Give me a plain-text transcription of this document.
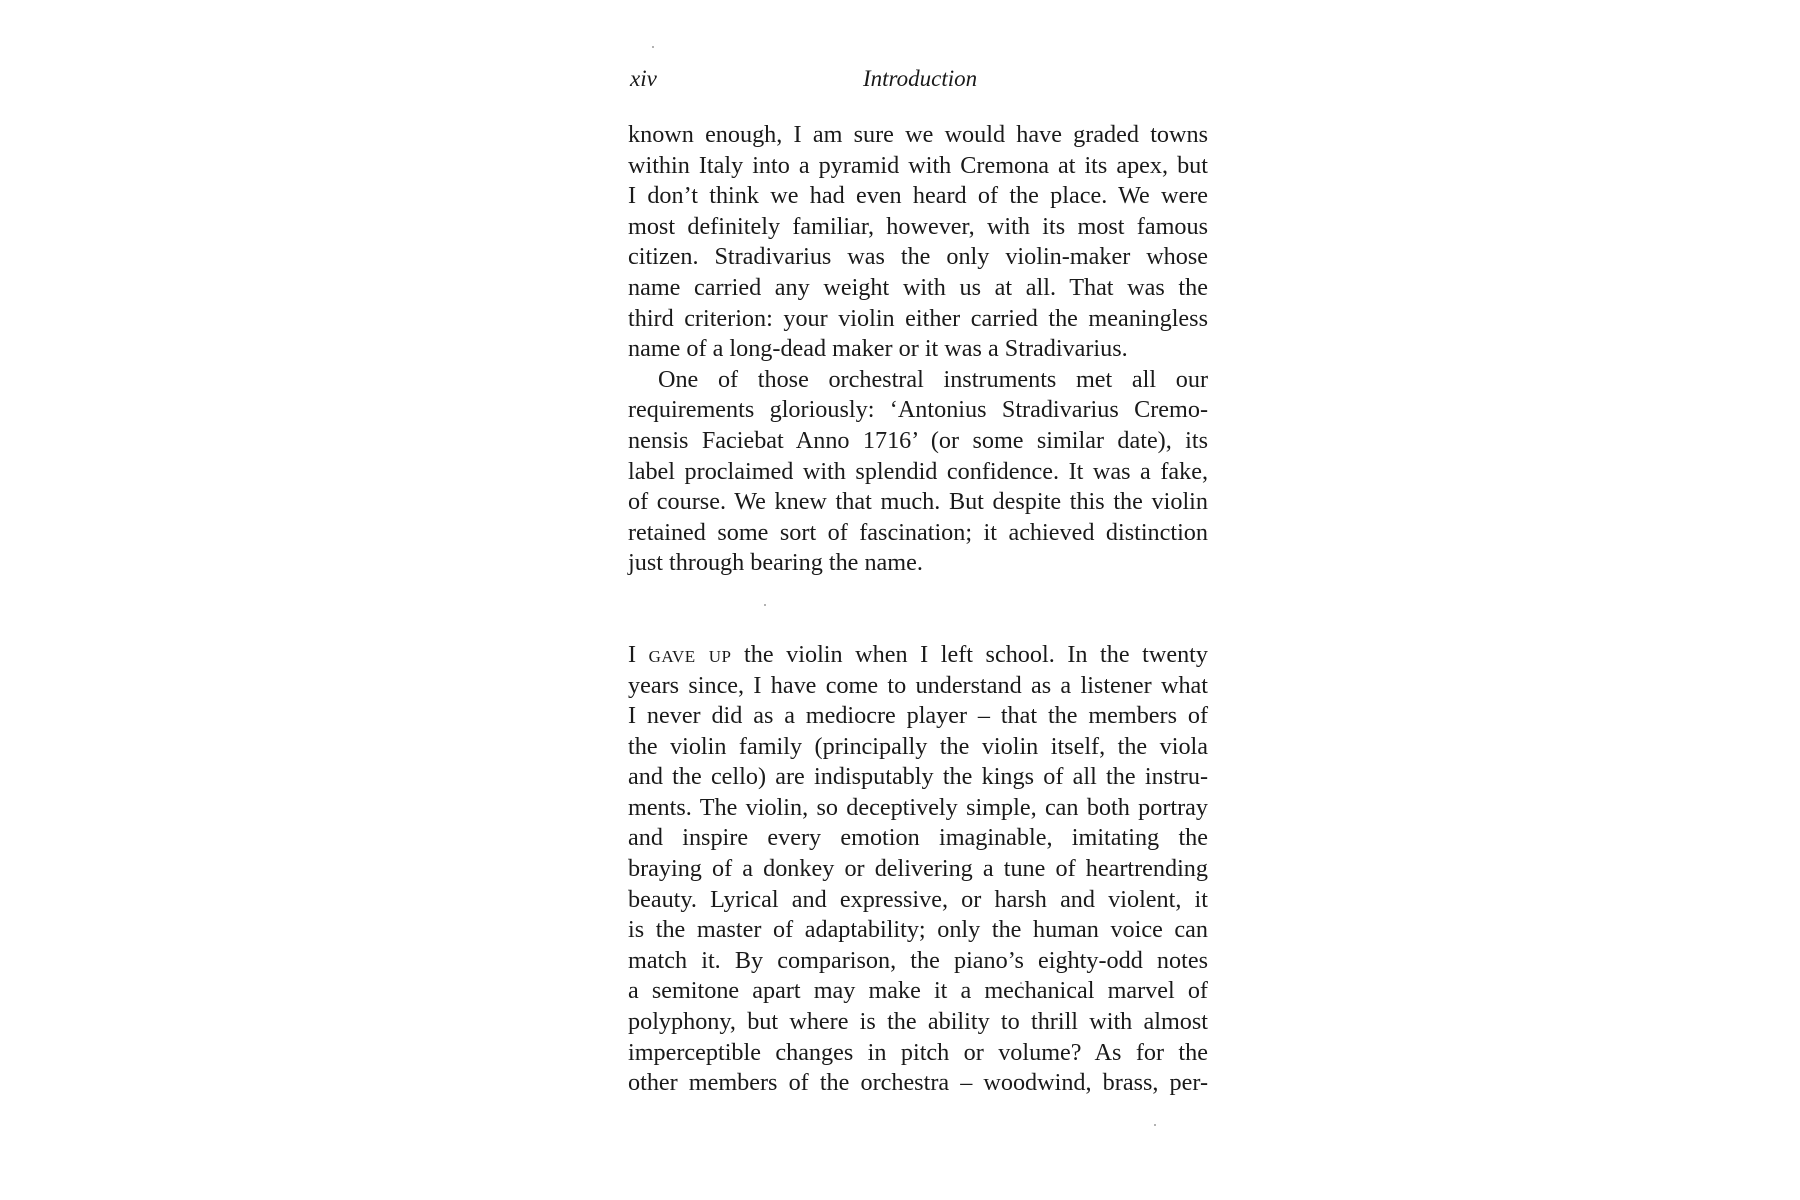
xiv	Introduction
known enough, I am sure we would have graded towns
within Italy into a pyramid with Cremona at its apex, but
I don’t think we had even heard of the place. We were
most definitely familiar, however, with its most famous
citizen. Stradivarius was the only violin-maker whose
name carried any weight with us at all. That was the
third criterion: your violin either carried the meaningless
name of a long-dead maker or it was a Stradivarius.
One of those orchestral instruments met all our
requirements gloriously: ‘Antonius Stradivarius Cremo-
nensis Faciebat Anno 1716’ (or some similar date), its
label proclaimed with splendid confidence. It was a fake,
of course. We knew that much. But despite this the violin
retained some sort of fascination; it achieved distinction
just through bearing the name.
I gave up the violin when I left school. In the twenty
years since, I have come to understand as a listener what
I never did as a mediocre player – that the members of
the violin family (principally the violin itself, the viola
and the cello) are indisputably the kings of all the instru-
ments. The violin, so deceptively simple, can both portray
and inspire every emotion imaginable, imitating the
braying of a donkey or delivering a tune of heartrending
beauty. Lyrical and expressive, or harsh and violent, it
is the master of adaptability; only the human voice can
match it. By comparison, the piano’s eighty-odd notes
a semitone apart may make it a mechanical marvel of
polyphony, but where is the ability to thrill with almost
imperceptible changes in pitch or volume? As for the
other members of the orchestra – woodwind, brass, per-
